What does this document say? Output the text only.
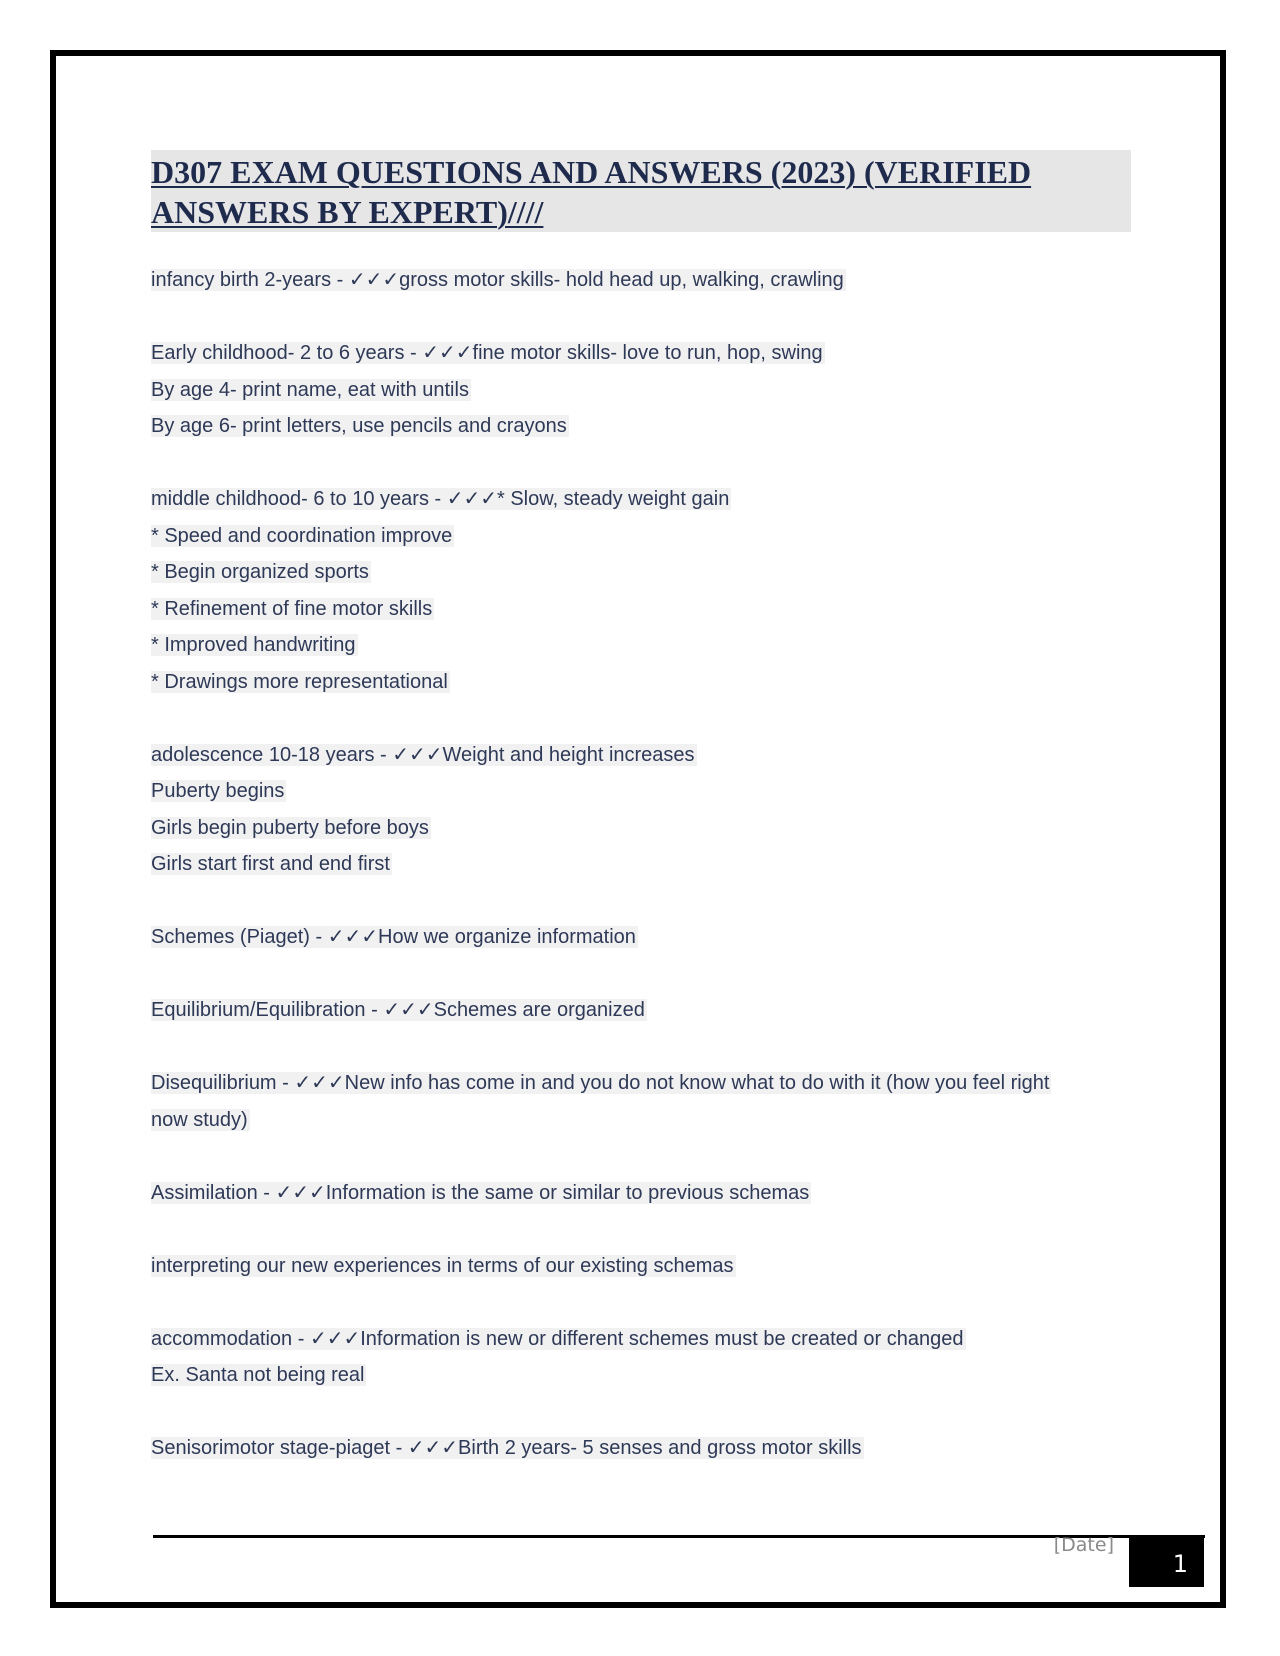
D307 EXAM QUESTIONS AND ANSWERS (2023) (VERIFIED
ANSWERS BY EXPERT)////
infancy birth 2-years - ✓✓✓gross motor skills- hold head up, walking, crawling
Early childhood- 2 to 6 years - ✓✓✓fine motor skills- love to run, hop, swing
By age 4- print name, eat with untils
By age 6- print letters, use pencils and crayons
middle childhood- 6 to 10 years - ✓✓✓* Slow, steady weight gain
* Speed and coordination improve
* Begin organized sports
* Refinement of fine motor skills
* Improved handwriting
* Drawings more representational
adolescence 10-18 years - ✓✓✓Weight and height increases
Puberty begins
Girls begin puberty before boys
Girls start first and end first
Schemes (Piaget) - ✓✓✓How we organize information
Equilibrium/Equilibration - ✓✓✓Schemes are organized
Disequilibrium - ✓✓✓New info has come in and you do not know what to do with it (how you feel right
now study)
Assimilation - ✓✓✓Information is the same or similar to previous schemas
interpreting our new experiences in terms of our existing schemas
accommodation - ✓✓✓Information is new or different schemes must be created or changed
Ex. Santa not being real
Senisorimotor stage-piaget - ✓✓✓Birth 2 years- 5 senses and gross motor skills
[Date]
1
